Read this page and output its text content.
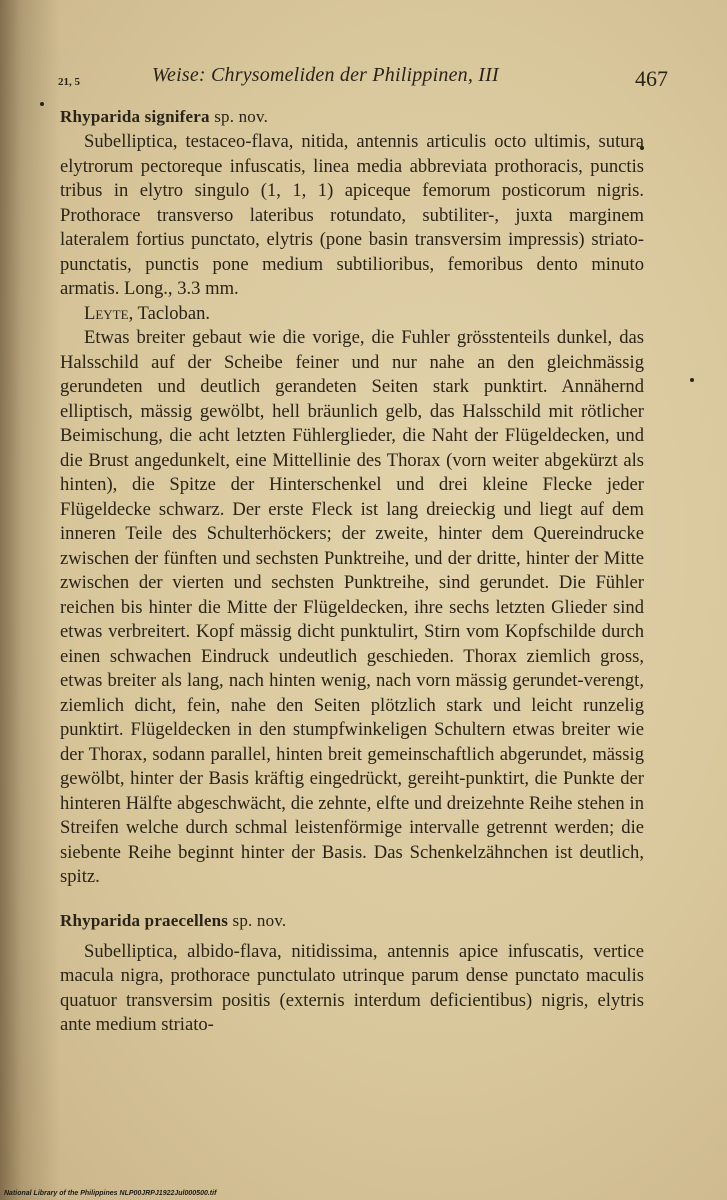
21, 5	Weise: Chrysomeliden der Philippinen, III	467
Rhyparida signifera sp. nov.

Subelliptica, testaceo-flava, nitida, antennis articulis octo ultimis, sutura elytrorum pectoreque infuscatis, linea media abbreviata prothoracis, punctis tribus in elytro singulo (1, 1, 1) apiceque femorum posticorum nigris. Prothorace transverso lateribus rotundato, subtiliter-, juxta marginem lateralem fortius punctato, elytris (pone basin transversim impressis) striato-punctatis, punctis pone medium subtilioribus, femoribus dento minuto armatis. Long., 3.3 mm.

Leyte, Tacloban.

Etwas breiter gebaut wie die vorige, die Fuhler grösstenteils dunkel, das Halsschild auf der Scheibe feiner und nur nahe an den gleichmässig gerundeten und deutlich gerandeten Seiten stark punktirt. Annähernd elliptisch, mässig gewölbt, hell bräunlich gelb, das Halsschild mit rötlicher Beimischung, die acht letzten Fühlerglieder, die Naht der Flügeldecken, und die Brust angedunkelt, eine Mittellinie des Thorax (vorn weiter abgekürzt als hinten), die Spitze der Hinterschenkel und drei kleine Flecke jeder Flügeldecke schwarz. Der erste Fleck ist lang dreieckig und liegt auf dem inneren Teile des Schulterhöckers; der zweite, hinter dem Quereindrucke zwischen der fünften und sechsten Punktreihe, und der dritte, hinter der Mitte zwischen der vierten und sechsten Punktreihe, sind gerundet. Die Fühler reichen bis hinter die Mitte der Flügeldecken, ihre sechs letzten Glieder sind etwas verbreitert. Kopf mässig dicht punktulirt, Stirn vom Kopfschilde durch einen schwachen Eindruck undeutlich geschieden. Thorax ziemlich gross, etwas breiter als lang, nach hinten wenig, nach vorn mässig gerundet-verengt, ziemlich dicht, fein, nahe den Seiten plötzlich stark und leicht runzelig punktirt. Flügeldecken in den stumpfwinkeligen Schultern etwas breiter wie der Thorax, sodann parallel, hinten breit gemeinschaftlich abgerundet, mässig gewölbt, hinter der Basis kräftig eingedrückt, gereiht-punktirt, die Punkte der hinteren Hälfte abgeschwächt, die zehnte, elfte und dreizehnte Reihe stehen in Streifen welche durch schmal leistenförmige intervalle getrennt werden; die siebente Reihe beginnt hinter der Basis. Das Schenkelzähnchen ist deutlich, spitz.

Rhyparida praecellens sp. nov.

Subelliptica, albido-flava, nitidissima, antennis apice infuscatis, vertice macula nigra, prothorace punctulato utrinque parum dense punctato maculis quatuor transversim positis (externis interdum deficientibus) nigris, elytris ante medium striato-

National Library of the Philippines NLP00JRPJ1922Jul000500.tif
